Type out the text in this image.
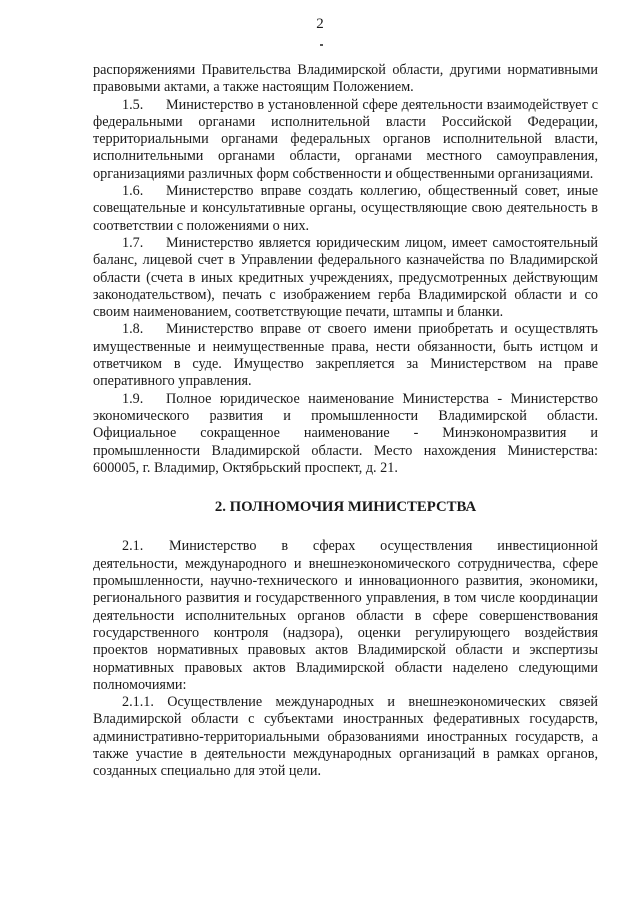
2

распоряжениями Правительства Владимирской области, другими нормативными правовыми актами, а также настоящим Положением.

1.5. Министерство в установленной сфере деятельности взаимодействует с федеральными органами исполнительной власти Российской Федерации, территориальными органами федеральных органов исполнительной власти, исполнительными органами области, органами местного самоуправления, организациями различных форм собственности и общественными организациями.

1.6. Министерство вправе создать коллегию, общественный совет, иные совещательные и консультативные органы, осуществляющие свою деятельность в соответствии с положениями о них.

1.7. Министерство является юридическим лицом, имеет самостоятельный баланс, лицевой счет в Управлении федерального казначейства по Владимирской области (счета в иных кредитных учреждениях, предусмотренных действующим законодательством), печать с изображением герба Владимирской области и со своим наименованием, соответствующие печати, штампы и бланки.

1.8. Министерство вправе от своего имени приобретать и осуществлять имущественные и неимущественные права, нести обязанности, быть истцом и ответчиком в суде. Имущество закрепляется за Министерством на праве оперативного управления.

1.9. Полное юридическое наименование Министерства - Министерство экономического развития и промышленности Владимирской области. Официальное сокращенное наименование - Минэкономразвития и промышленности Владимирской области. Место нахождения Министерства: 600005, г. Владимир, Октябрьский проспект, д. 21.

2. ПОЛНОМОЧИЯ МИНИСТЕРСТВА

2.1. Министерство в сферах осуществления инвестиционной деятельности, международного и внешнеэкономического сотрудничества, сфере промышленности, научно-технического и инновационного развития, экономики, регионального развития и государственного управления, в том числе координации деятельности исполнительных органов области в сфере совершенствования государственного контроля (надзора), оценки регулирующего воздействия проектов нормативных правовых актов Владимирской области и экспертизы нормативных правовых актов Владимирской области наделено следующими полномочиями:

2.1.1. Осуществление международных и внешнеэкономических связей Владимирской области с субъектами иностранных федеративных государств, административно-территориальными образованиями иностранных государств, а также участие в деятельности международных организаций в рамках органов, созданных специально для этой цели.
